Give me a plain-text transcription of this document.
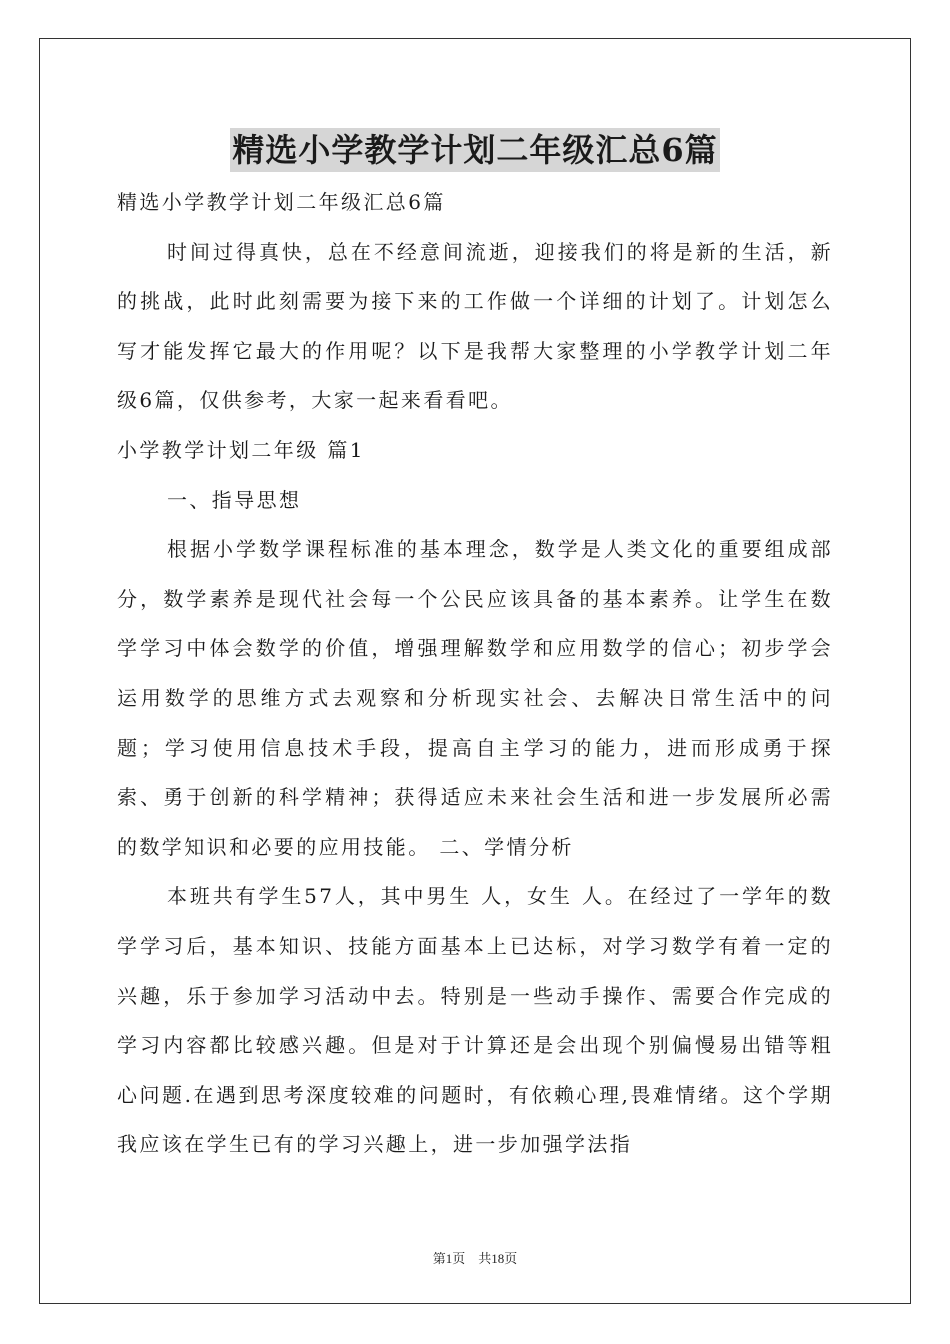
精选小学教学计划二年级汇总6篇

精选小学教学计划二年级汇总6篇

时间过得真快，总在不经意间流逝，迎接我们的将是新的生活，新的挑战，此时此刻需要为接下来的工作做一个详细的计划了。计划怎么写才能发挥它最大的作用呢？以下是我帮大家整理的小学教学计划二年级6篇，仅供参考，大家一起来看看吧。

小学教学计划二年级 篇1

一、指导思想

根据小学数学课程标准的基本理念，数学是人类文化的重要组成部分，数学素养是现代社会每一个公民应该具备的基本素养。让学生在数学学习中体会数学的价值，增强理解数学和应用数学的信心；初步学会运用数学的思维方式去观察和分析现实社会、去解决日常生活中的问题；学习使用信息技术手段，提高自主学习的能力，进而形成勇于探索、勇于创新的科学精神；获得适应未来社会生活和进一步发展所必需的数学知识和必要的应用技能。 二、学情分析

本班共有学生57人，其中男生 人，女生 人。在经过了一学年的数学学习后，基本知识、技能方面基本上已达标，对学习数学有着一定的兴趣，乐于参加学习活动中去。特别是一些动手操作、需要合作完成的学习内容都比较感兴趣。但是对于计算还是会出现个别偏慢易出错等粗心问题.在遇到思考深度较难的问题时，有依赖心理,畏难情绪。这个学期我应该在学生已有的学习兴趣上，进一步加强学法指

第1页　共18页
